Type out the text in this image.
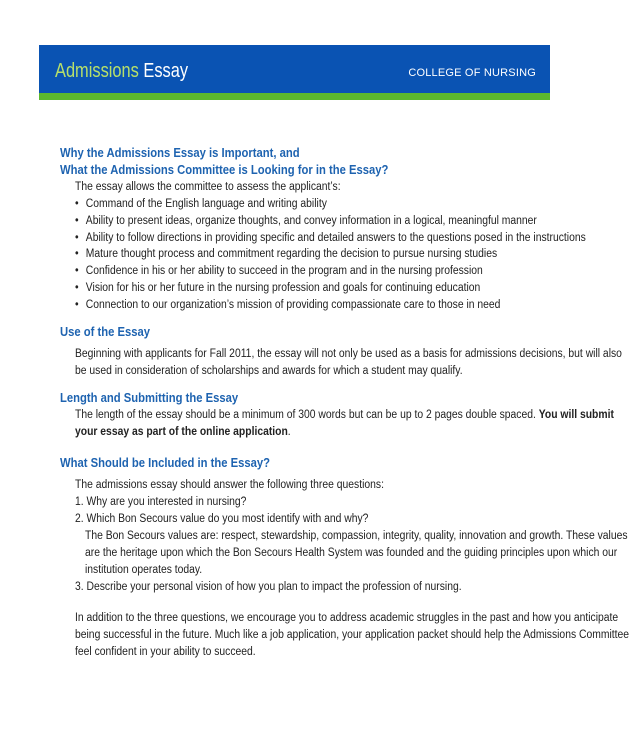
Admissions Essay	COLLEGE OF NURSING
Why the Admissions Essay is Important, and
What the Admissions Committee is Looking for in the Essay?
The essay allows the committee to assess the applicant’s:
• Command of the English language and writing ability
• Ability to present ideas, organize thoughts, and convey information in a logical, meaningful manner
• Ability to follow directions in providing specific and detailed answers to the questions posed in the instructions
• Mature thought process and commitment regarding the decision to pursue nursing studies
• Confidence in his or her ability to succeed in the program and in the nursing profession
• Vision for his or her future in the nursing profession and goals for continuing education
• Connection to our organization’s mission of providing compassionate care to those in need
Use of the Essay
Beginning with applicants for Fall 2011, the essay will not only be used as a basis for admissions decisions, but will also
be used in consideration of scholarships and awards for which a student may qualify.
Length and Submitting the Essay
The length of the essay should be a minimum of 300 words but can be up to 2 pages double spaced. You will submit
your essay as part of the online application.
What Should be Included in the Essay?
The admissions essay should answer the following three questions:
1. Why are you interested in nursing?
2. Which Bon Secours value do you most identify with and why?
The Bon Secours values are: respect, stewardship, compassion, integrity, quality, innovation and growth. These values
are the heritage upon which the Bon Secours Health System was founded and the guiding principles upon which our
institution operates today.
3. Describe your personal vision of how you plan to impact the profession of nursing.
In addition to the three questions, we encourage you to address academic struggles in the past and how you anticipate
being successful in the future. Much like a job application, your application packet should help the Admissions Committee
feel confident in your ability to succeed.
